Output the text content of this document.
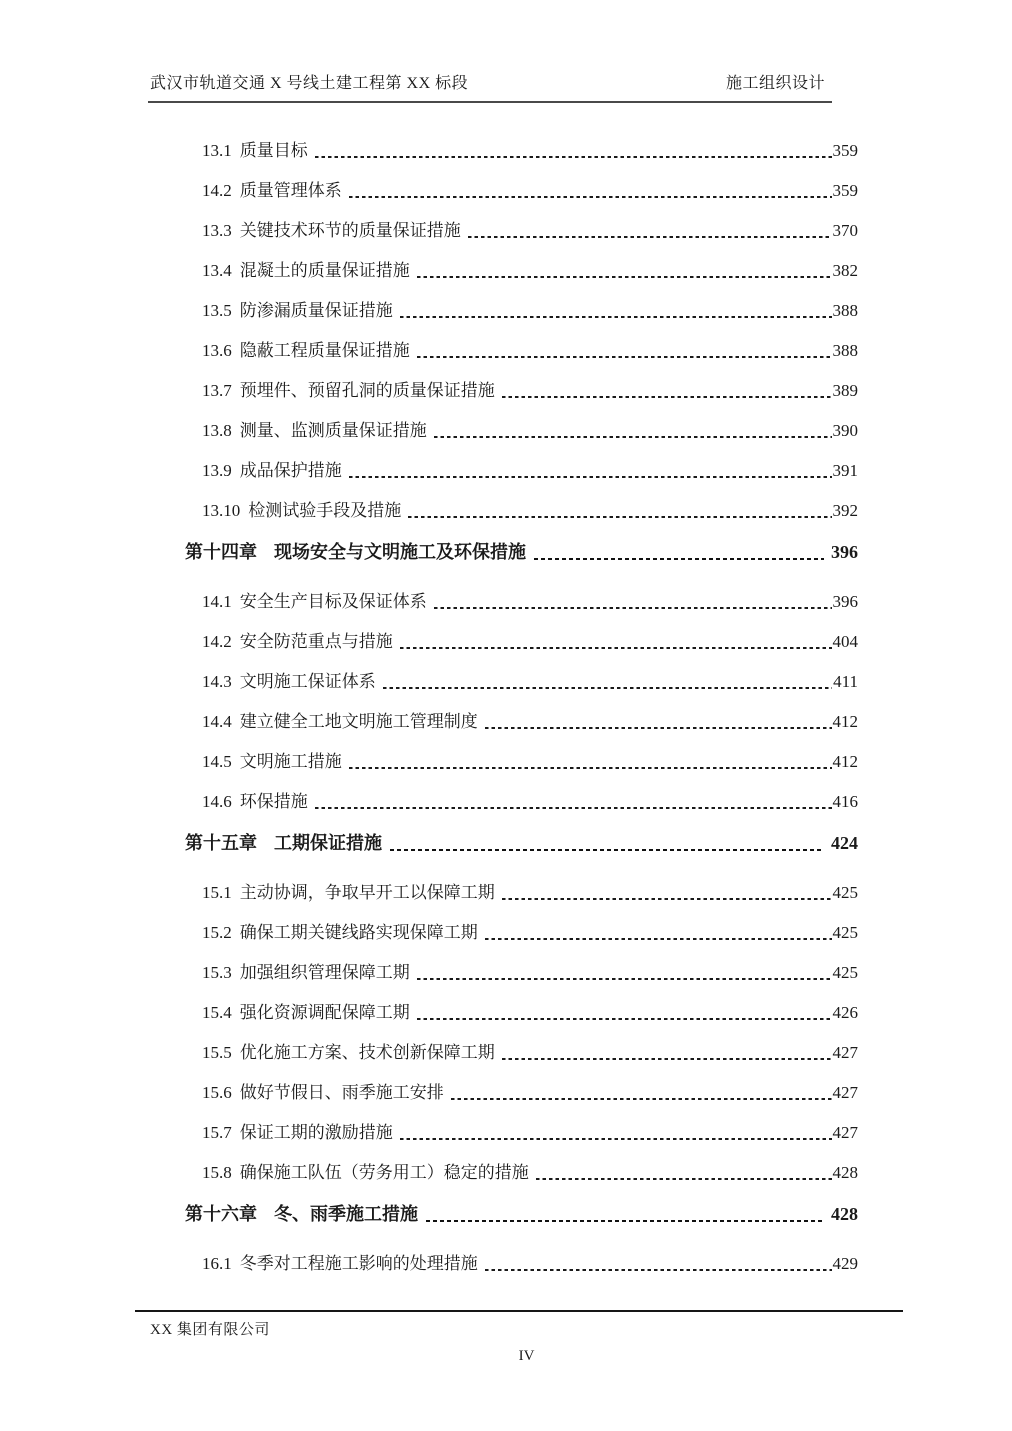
武汉市轨道交通 X 号线土建工程第 XX 标段	施工组织设计
13.1 质量目标	359
14.2 质量管理体系	359
13.3 关键技术环节的质量保证措施	370
13.4 混凝土的质量保证措施	382
13.5 防渗漏质量保证措施	388
13.6 隐蔽工程质量保证措施	388
13.7 预埋件、预留孔洞的质量保证措施	389
13.8 测量、监测质量保证措施	390
13.9 成品保护措施	391
13.10 检测试验手段及措施	392
第十四章 现场安全与文明施工及环保措施	396
14.1 安全生产目标及保证体系	396
14.2 安全防范重点与措施	404
14.3 文明施工保证体系	411
14.4 建立健全工地文明施工管理制度	412
14.5 文明施工措施	412
14.6 环保措施	416
第十五章 工期保证措施	424
15.1 主动协调，争取早开工以保障工期	425
15.2 确保工期关键线路实现保障工期	425
15.3 加强组织管理保障工期	425
15.4 强化资源调配保障工期	426
15.5 优化施工方案、技术创新保障工期	427
15.6 做好节假日、雨季施工安排	427
15.7 保证工期的激励措施	427
15.8 确保施工队伍（劳务用工）稳定的措施	428
第十六章 冬、雨季施工措施	428
16.1 冬季对工程施工影响的处理措施	429
XX 集团有限公司
IV
